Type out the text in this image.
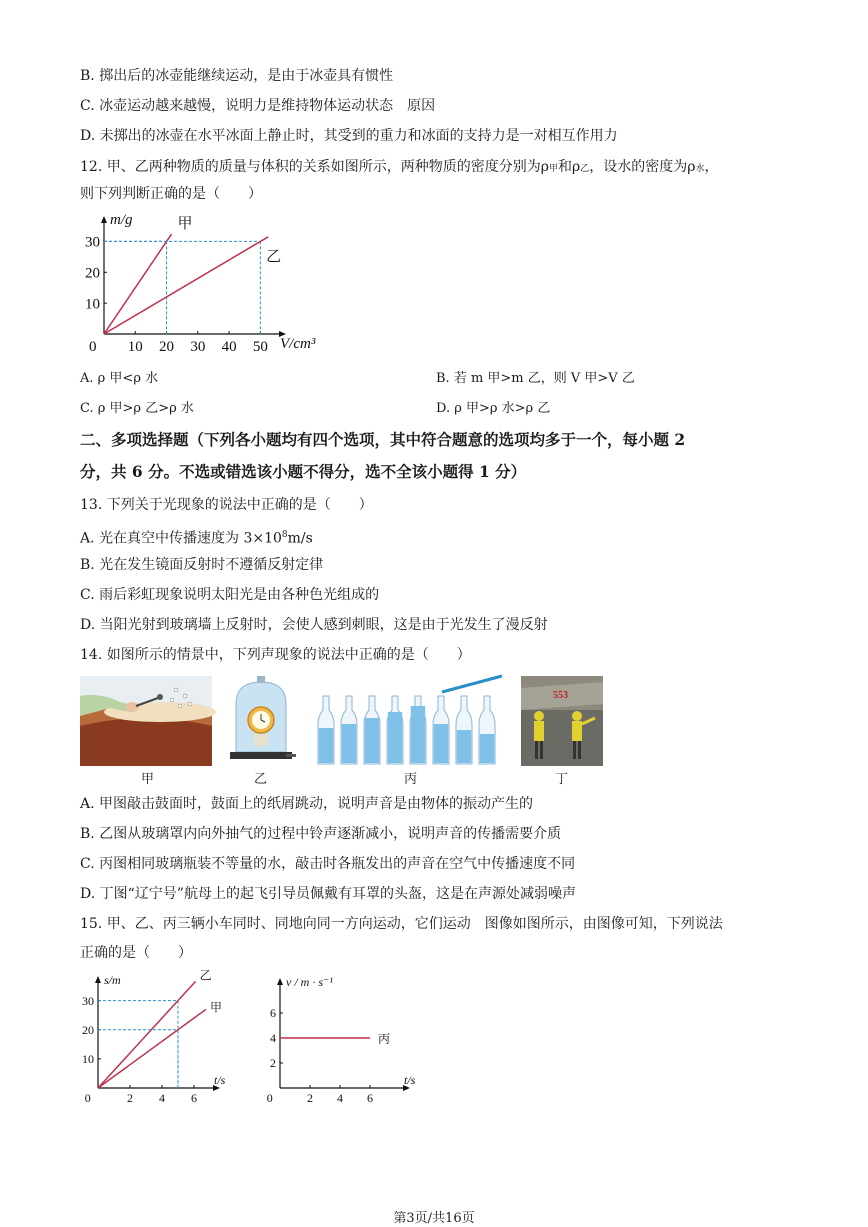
B. 掷出后的冰壶能继续运动，是由于冰壶具有惯性
C. 冰壶运动越来越慢，说明力是维持物体运动状态　原因
D. 未掷出的冰壶在水平冰面上静止时，其受到的重力和冰面的支持力是一对相互作用力
12. 甲、乙两种物质的质量与体积的关系如图所示，两种物质的密度分别为ρ甲和ρ乙，设水的密度为ρ水，
则下列判断正确的是（　　）
0 10 20 30 40 50
10
20
30
V/cm³
m/g	甲
乙
A. ρ 甲<ρ 水	B. 若 m 甲>m 乙，则 V 甲>V 乙
C. ρ 甲>ρ 乙>ρ 水	D. ρ 甲>ρ 水>ρ 乙
二、多项选择题（下列各小题均有四个选项，其中符合题意的选项均多于一个，每小题 2
分，共 6 分。不选或错选该小题不得分，选不全该小题得 1 分）
13. 下列关于光现象的说法中正确的是（　　）
A. 光在真空中传播速度为 $3\times 10^8m/s$
B. 光在发生镜面反射时不遵循反射定律
C. 雨后彩虹现象说明太阳光是由各种色光组成的
D. 当阳光射到玻璃墙上反射时，会使人感到刺眼，这是由于光发生了漫反射
14. 如图所示的情景中，下列声现象的说法中正确的是（　　）
553
甲	乙	丙	丁
A. 甲图敲击鼓面时，鼓面上的纸屑跳动，说明声音是由物体的振动产生的
B. 乙图从玻璃罩内向外抽气的过程中铃声逐渐减小，说明声音的传播需要介质
C. 丙图相同玻璃瓶装不等量的水，敲击时各瓶发出的声音在空气中传播速度不同
D. 丁图“辽宁号”航母上的起飞引导员佩戴有耳罩的头盔，这是在声源处减弱噪声
15. 甲、乙、丙三辆小车同时、同地向同一方向运动，它们运动　图像如图所示，由图像可知，下列说法
正确的是（　　）
0	2 4 6
10
20
30
t/s
s/m	乙
甲
0	2 4 6
2
4
6
t/s
v / m · s⁻¹
丙
第3页/共16页
